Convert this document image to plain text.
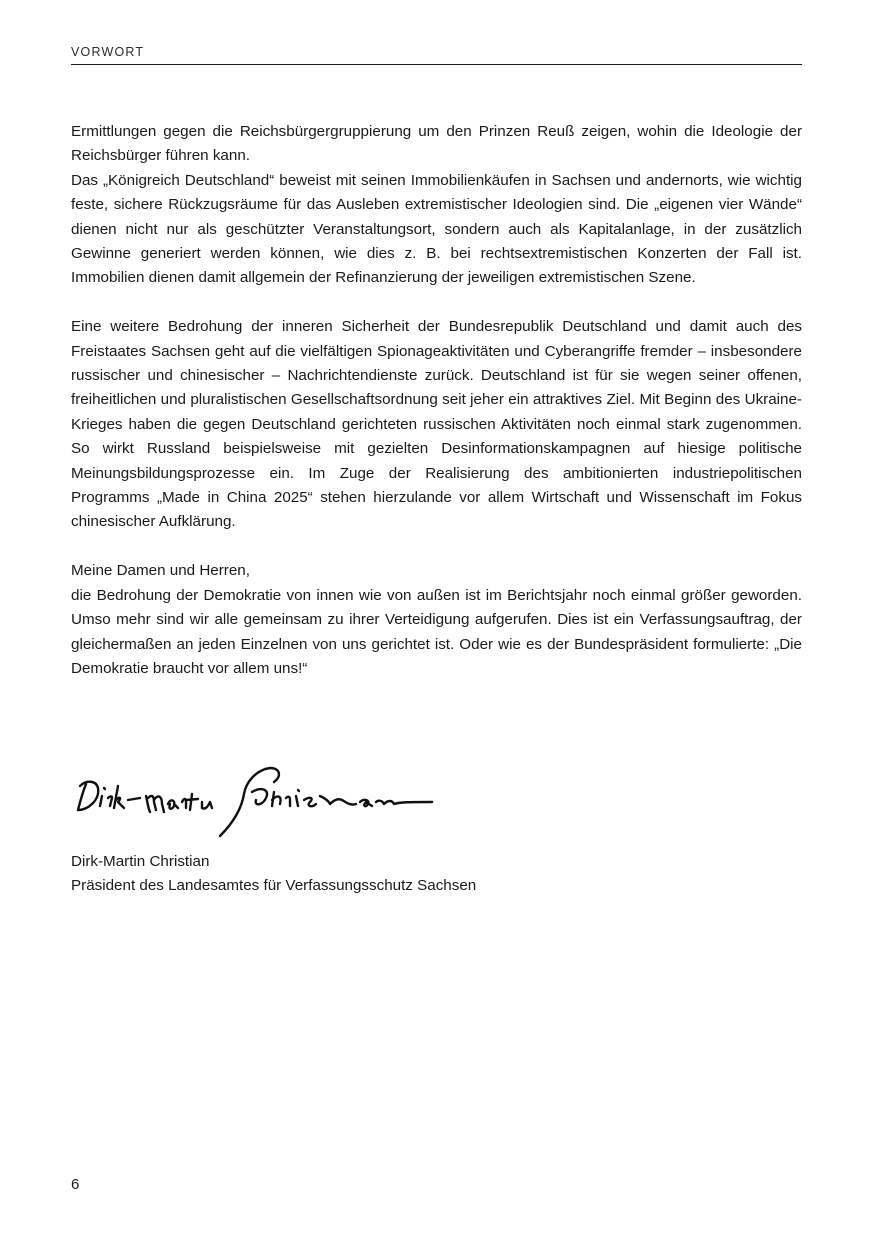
VORWORT

Ermittlungen gegen die Reichsbürgergruppierung um den Prinzen Reuß zeigen, wohin die Ideologie der Reichsbürger führen kann.

Das „Königreich Deutschland“ beweist mit seinen Immobilienkäufen in Sachsen und andernorts, wie wichtig feste, sichere Rückzugsräume für das Ausleben extremistischer Ideologien sind. Die „eigenen vier Wände“ dienen nicht nur als geschützter Veranstaltungsort, sondern auch als Kapitalanlage, in der zusätzlich Gewinne generiert werden können, wie dies z. B. bei rechtsextremistischen Konzerten der Fall ist. Immobilien dienen damit allgemein der Refinanzierung der jeweiligen extremistischen Szene.

Eine weitere Bedrohung der inneren Sicherheit der Bundesrepublik Deutschland und damit auch des Freistaates Sachsen geht auf die vielfältigen Spionageaktivitäten und Cyberangriffe fremder – insbesondere russischer und chinesischer – Nachrichtendienste zurück. Deutschland ist für sie wegen seiner offenen, freiheitlichen und pluralistischen Gesellschaftsordnung seit jeher ein attraktives Ziel. Mit Beginn des Ukraine-Krieges haben die gegen Deutschland gerichteten russischen Aktivitäten noch einmal stark zugenommen. So wirkt Russland beispielsweise mit gezielten Desinformationskampagnen auf hiesige politische Meinungsbildungsprozesse ein. Im Zuge der Realisierung des ambitionierten industriepolitischen Programms „Made in China 2025“ stehen hierzulande vor allem Wirtschaft und Wissenschaft im Fokus chinesischer Aufklärung.

Meine Damen und Herren,

die Bedrohung der Demokratie von innen wie von außen ist im Berichtsjahr noch einmal größer geworden. Umso mehr sind wir alle gemeinsam zu ihrer Verteidigung aufgerufen. Dies ist ein Verfassungsauftrag, der gleichermaßen an jeden Einzelnen von uns gerichtet ist. Oder wie es der Bundespräsident formulierte: „Die Demokratie braucht vor allem uns!“

Dirk-Martin Christian
Präsident des Landesamtes für Verfassungsschutz Sachsen
6
